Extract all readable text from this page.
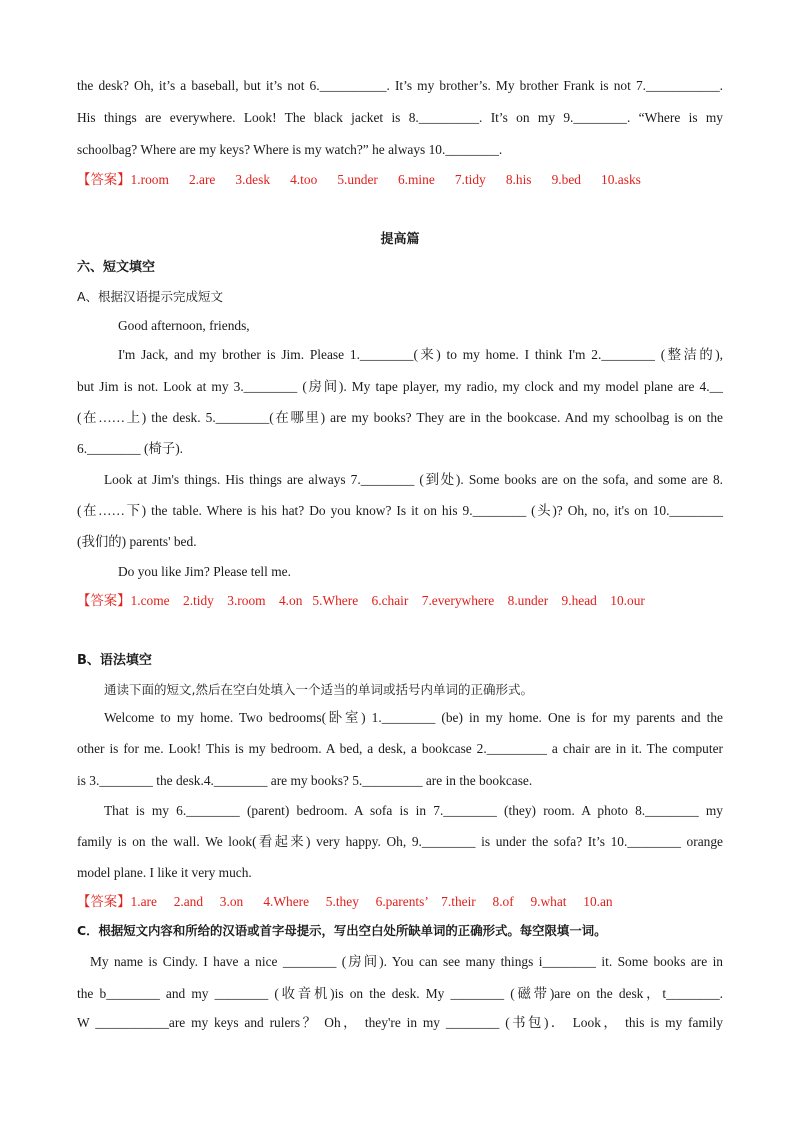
the desk? Oh, it’s a baseball, but it’s not 6.__________. It’s my brother’s. My brother Frank is not 7.___________.
His things are everywhere. Look! The black jacket is 8._________. It’s on my 9.________. “Where is my
schoolbag? Where are my keys? Where is my watch?” he always 10.________.
【答案】1.room      2.are      3.desk      4.too      5.under      6.mine      7.tidy      8.his      9.bed      10.asks
提高篇
六、短文填空
A、根据汉语提示完成短文
Good afternoon, friends,
I'm Jack, and my brother is Jim. Please 1.________(来) to my home. I think I'm 2.________ (整洁的),
but Jim is not. Look at my 3.________ (房间). My tape player, my radio, my clock and my model plane are 4.__
(在……上) the desk. 5.________(在哪里) are my books? They are in the bookcase. And my schoolbag is on the
6.________ (椅子).
Look at Jim's things. His things are always 7.________ (到处). Some books are on the sofa, and some are 8.
(在……下) the table. Where is his hat? Do you know? Is it on his 9.________ (头)? Oh, no, it's on 10.________
(我们的) parents' bed.
Do you like Jim? Please tell me.
【答案】1.come    2.tidy    3.room    4.on   5.Where    6.chair    7.everywhere    8.under    9.head    10.our
B、语法填空
通读下面的短文,然后在空白处填入一个适当的单词或括号内单词的正确形式。
Welcome to my home. Two bedrooms(卧室) 1.________ (be) in my home. One is for my parents and the
other is for me. Look! This is my bedroom. A bed, a desk, a bookcase 2._________ a chair are in it. The computer
is 3.________ the desk.4.________ are my books? 5._________ are in the bookcase.
That is my 6.________ (parent) bedroom. A sofa is in 7.________ (they) room. A photo 8.________ my
family is on the wall. We look(看起来) very happy. Oh, 9.________ is under the sofa? It’s 10.________ orange
model plane. I like it very much.
【答案】1.are     2.and     3.on      4.Where     5.they     6.parents’    7.their     8.of     9.what     10.an
C．根据短文内容和所给的汉语或首字母提示，写出空白处所缺单词的正确形式。每空限填一词。
My name is Cindy. I have a nice ________ (房间). You can see many things i________ it. Some books are in
the b________ and my ________ (收音机)is on the desk. My ________ (磁带)are on the desk，t________.
W ___________are my keys and rulers？ Oh， they're in my ________ (书包)． Look， this is my family
